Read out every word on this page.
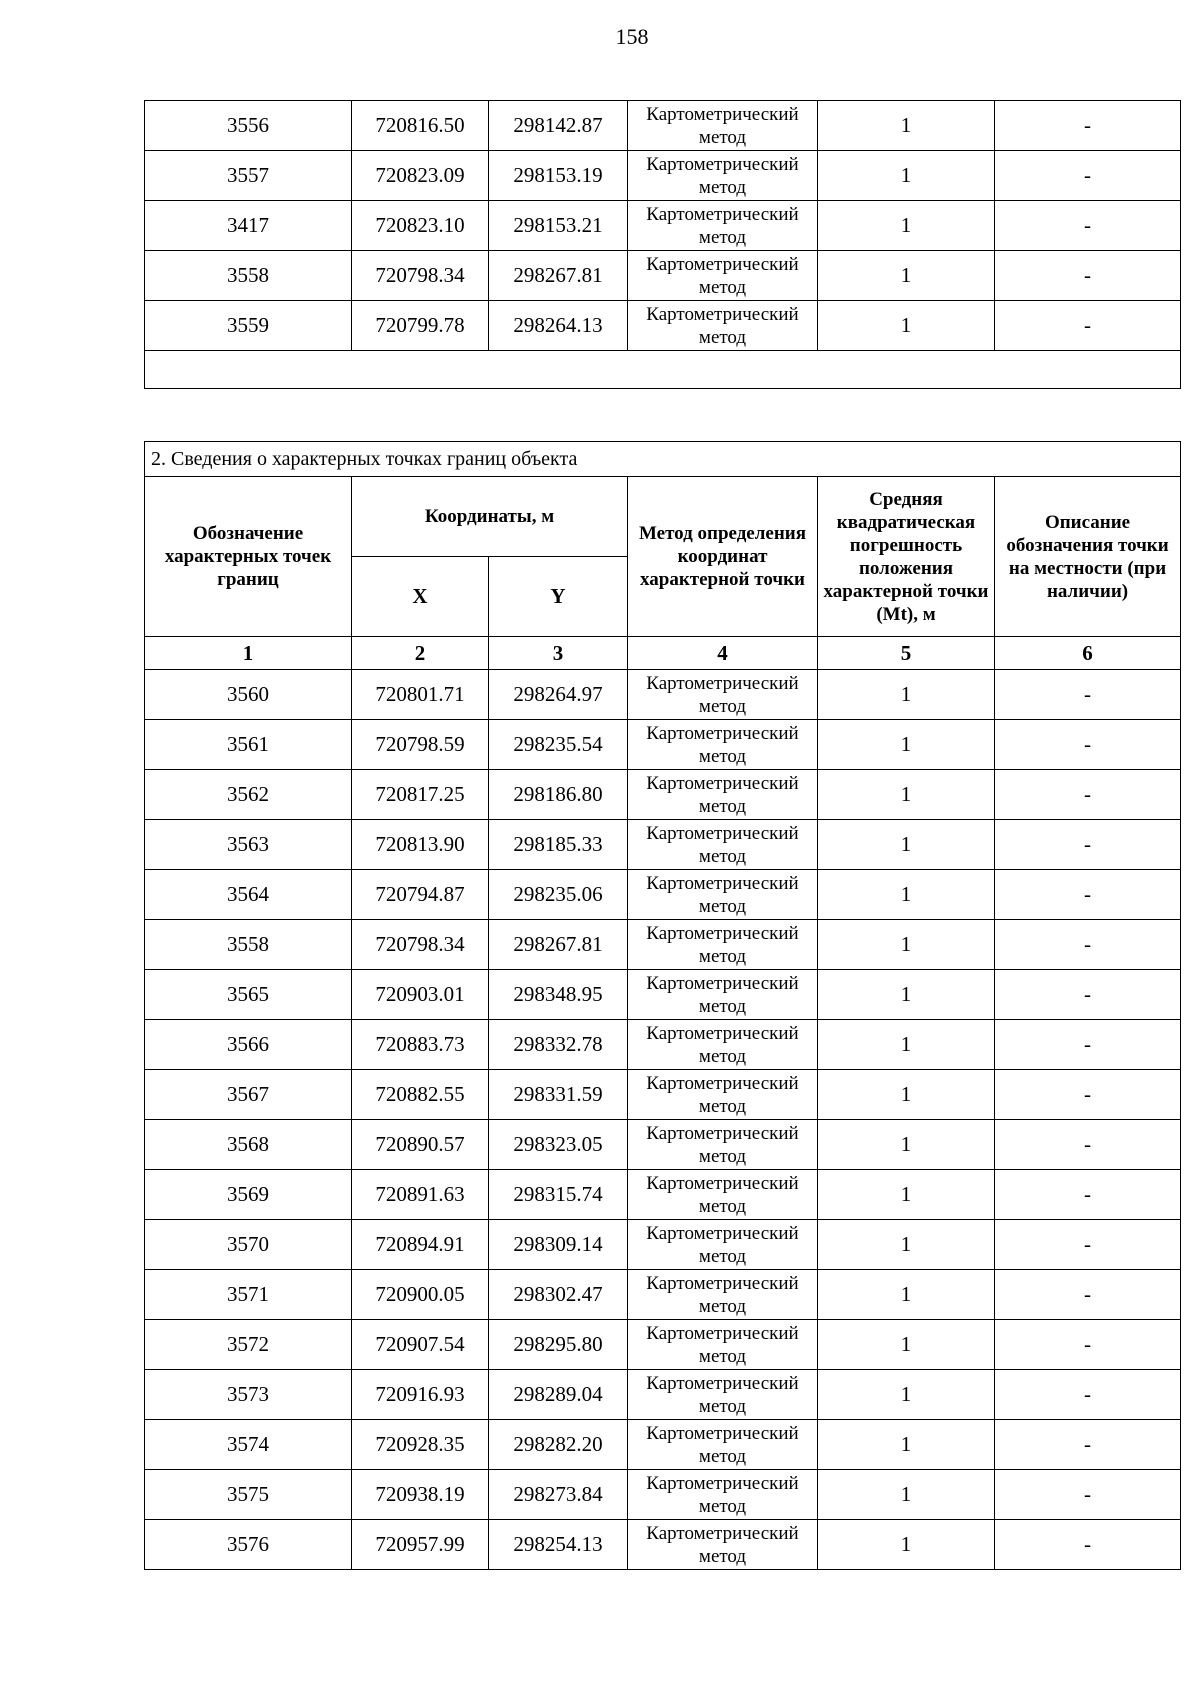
158
3556	720816.50	298142.87	Картометрический метод	1	-
3557	720823.09	298153.19	Картометрический метод	1	-
3417	720823.10	298153.21	Картометрический метод	1	-
3558	720798.34	298267.81	Картометрический метод	1	-
3559	720799.78	298264.13	Картометрический метод	1	-

2. Сведения о характерных точках границ объекта					
Обозначение характерных точек границ	Координаты, м		Метод определения координат характерной точки	Средняя квадратическая погрешность положения характерной точки (Mt), м	Описание обозначения точки на местности (при наличии)
	X	Y			
1	2	3	4	5	6
3560	720801.71	298264.97	Картометрический метод	1	-
3561	720798.59	298235.54	Картометрический метод	1	-
3562	720817.25	298186.80	Картометрический метод	1	-
3563	720813.90	298185.33	Картометрический метод	1	-
3564	720794.87	298235.06	Картометрический метод	1	-
3558	720798.34	298267.81	Картометрический метод	1	-
3565	720903.01	298348.95	Картометрический метод	1	-
3566	720883.73	298332.78	Картометрический метод	1	-
3567	720882.55	298331.59	Картометрический метод	1	-
3568	720890.57	298323.05	Картометрический метод	1	-
3569	720891.63	298315.74	Картометрический метод	1	-
3570	720894.91	298309.14	Картометрический метод	1	-
3571	720900.05	298302.47	Картометрический метод	1	-
3572	720907.54	298295.80	Картометрический метод	1	-
3573	720916.93	298289.04	Картометрический метод	1	-
3574	720928.35	298282.20	Картометрический метод	1	-
3575	720938.19	298273.84	Картометрический метод	1	-
3576	720957.99	298254.13	Картометрический метод	1	-
